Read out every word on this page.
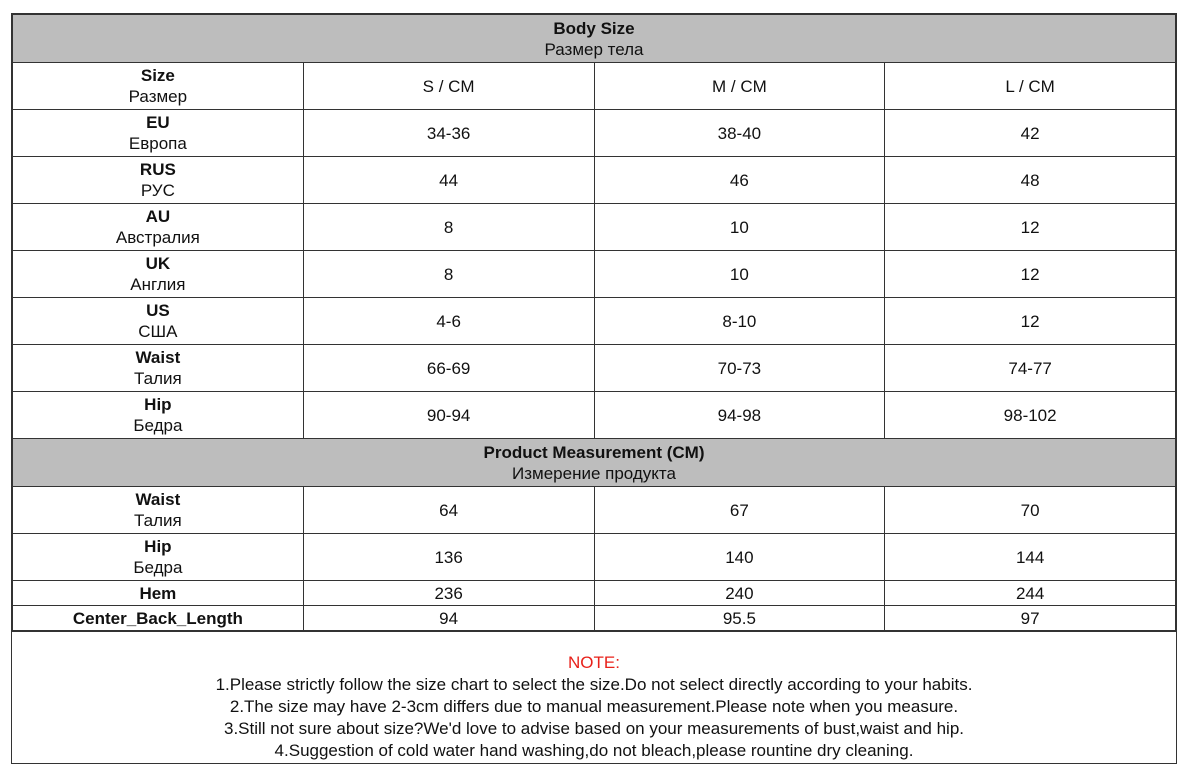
Body Size
Размер тела			

Size
Размер	S / CM	M / CM	L / CM

EU
Европа	34-36	38-40	42

RUS
РУС	44	46	48

AU
Австралия	8	10	12

UK
Англия	8	10	12

US
США	4-6	8-10	12

Waist
Талия	66-69	70-73	74-77

Hip
Бедра	90-94	94-98	98-102

Product Measurement (CM)
Измерение продукта			

Waist
Талия	64	67	70

Hip
Бедра	136	140	144

Hem	236	240	244

Center_Back_Length	94	95.5	97
NOTE:
1.Please strictly follow the size chart to select the size.Do not select directly according to your habits.
2.The size may have 2-3cm differs due to manual measurement.Please note when you measure.
3.Still not sure about size?We'd love to advise based on your measurements of bust,waist and hip.
4.Suggestion of cold water hand washing,do not bleach,please rountine dry cleaning.
